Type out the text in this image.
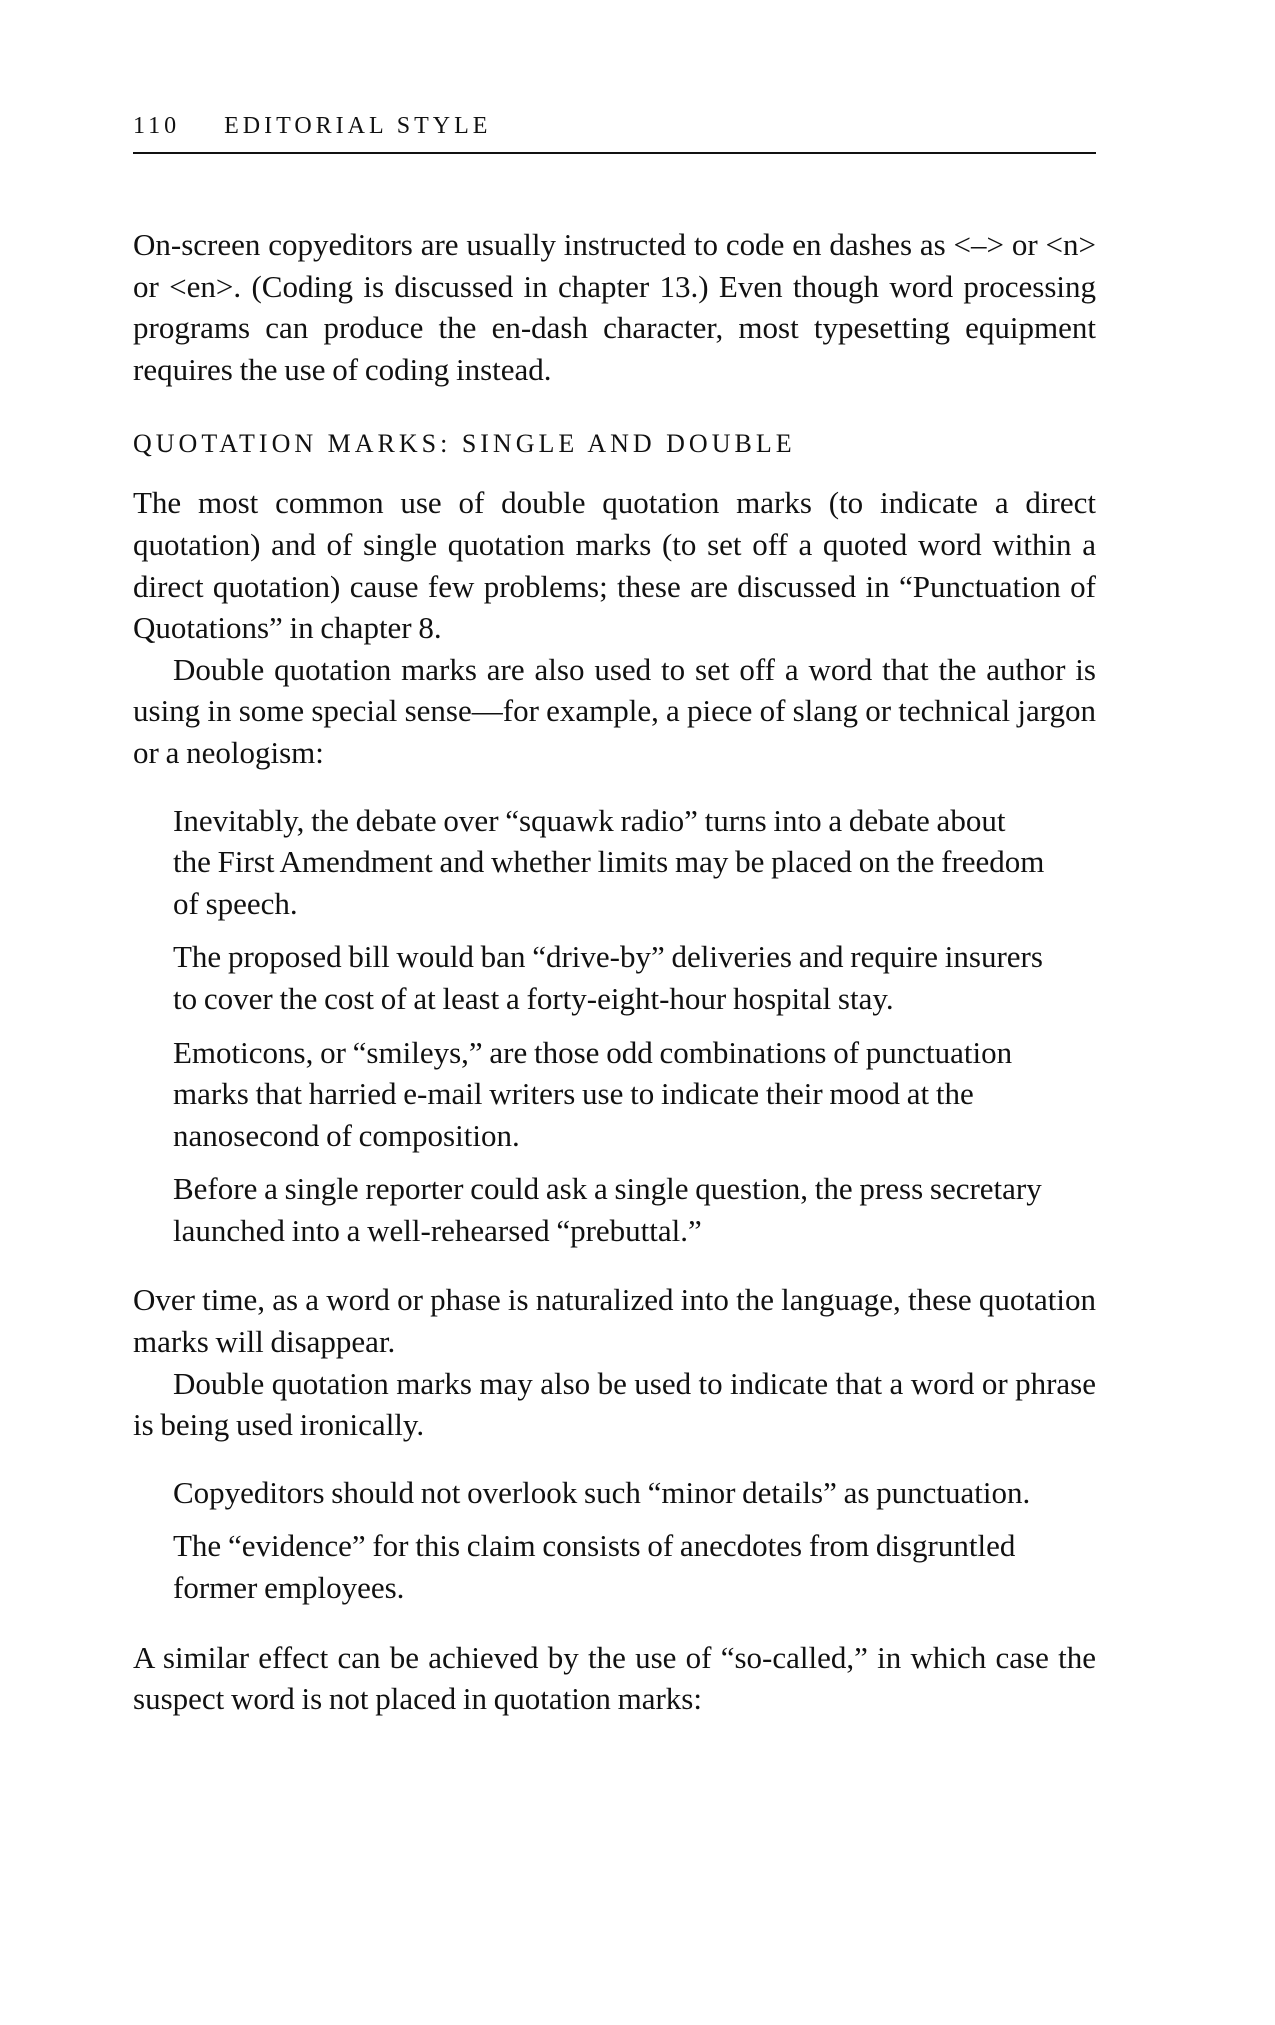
110 EDITORIAL STYLE

On-screen copyeditors are usually instructed to code en dashes as <–> or <n> or <en>. (Coding is discussed in chapter 13.) Even though word processing programs can produce the en-dash character, most typesetting equipment requires the use of coding instead.

QUOTATION MARKS: SINGLE AND DOUBLE

The most common use of double quotation marks (to indicate a direct quotation) and of single quotation marks (to set off a quoted word within a direct quotation) cause few problems; these are discussed in “Punctuation of Quotations” in chapter 8.

Double quotation marks are also used to set off a word that the author is using in some special sense—for example, a piece of slang or technical jargon or a neologism:

Inevitably, the debate over “squawk radio” turns into a debate about the First Amendment and whether limits may be placed on the freedom of speech.

The proposed bill would ban “drive-by” deliveries and require insurers to cover the cost of at least a forty-eight-hour hospital stay.

Emoticons, or “smileys,” are those odd combinations of punctuation marks that harried e-mail writers use to indicate their mood at the nanosecond of composition.

Before a single reporter could ask a single question, the press secretary launched into a well-rehearsed “prebuttal.”

Over time, as a word or phase is naturalized into the language, these quotation marks will disappear.

Double quotation marks may also be used to indicate that a word or phrase is being used ironically.

Copyeditors should not overlook such “minor details” as punctuation.

The “evidence” for this claim consists of anecdotes from disgruntled former employees.

A similar effect can be achieved by the use of “so-called,” in which case the suspect word is not placed in quotation marks:
